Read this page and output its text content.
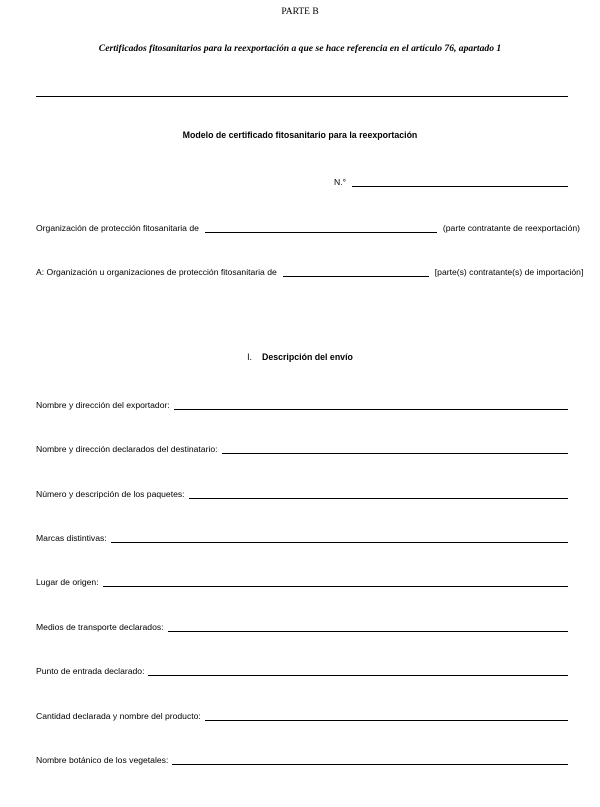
PARTE B
Certificados fitosanitarios para la reexportación a que se hace referencia en el artículo 76, apartado 1
Modelo de certificado fitosanitario para la reexportación
N.°
Organización de protección fitosanitaria de	(parte contratante de reexportación)
A: Organización u organizaciones de protección fitosanitaria de	[parte(s) contratante(s) de importación]
I. Descripción del envío
Nombre y dirección del exportador:
Nombre y dirección declarados del destinatario:
Número y descripción de los paquetes:
Marcas distintivas:
Lugar de origen:
Medios de transporte declarados:
Punto de entrada declarado:
Cantidad declarada y nombre del producto:
Nombre botánico de los vegetales:
